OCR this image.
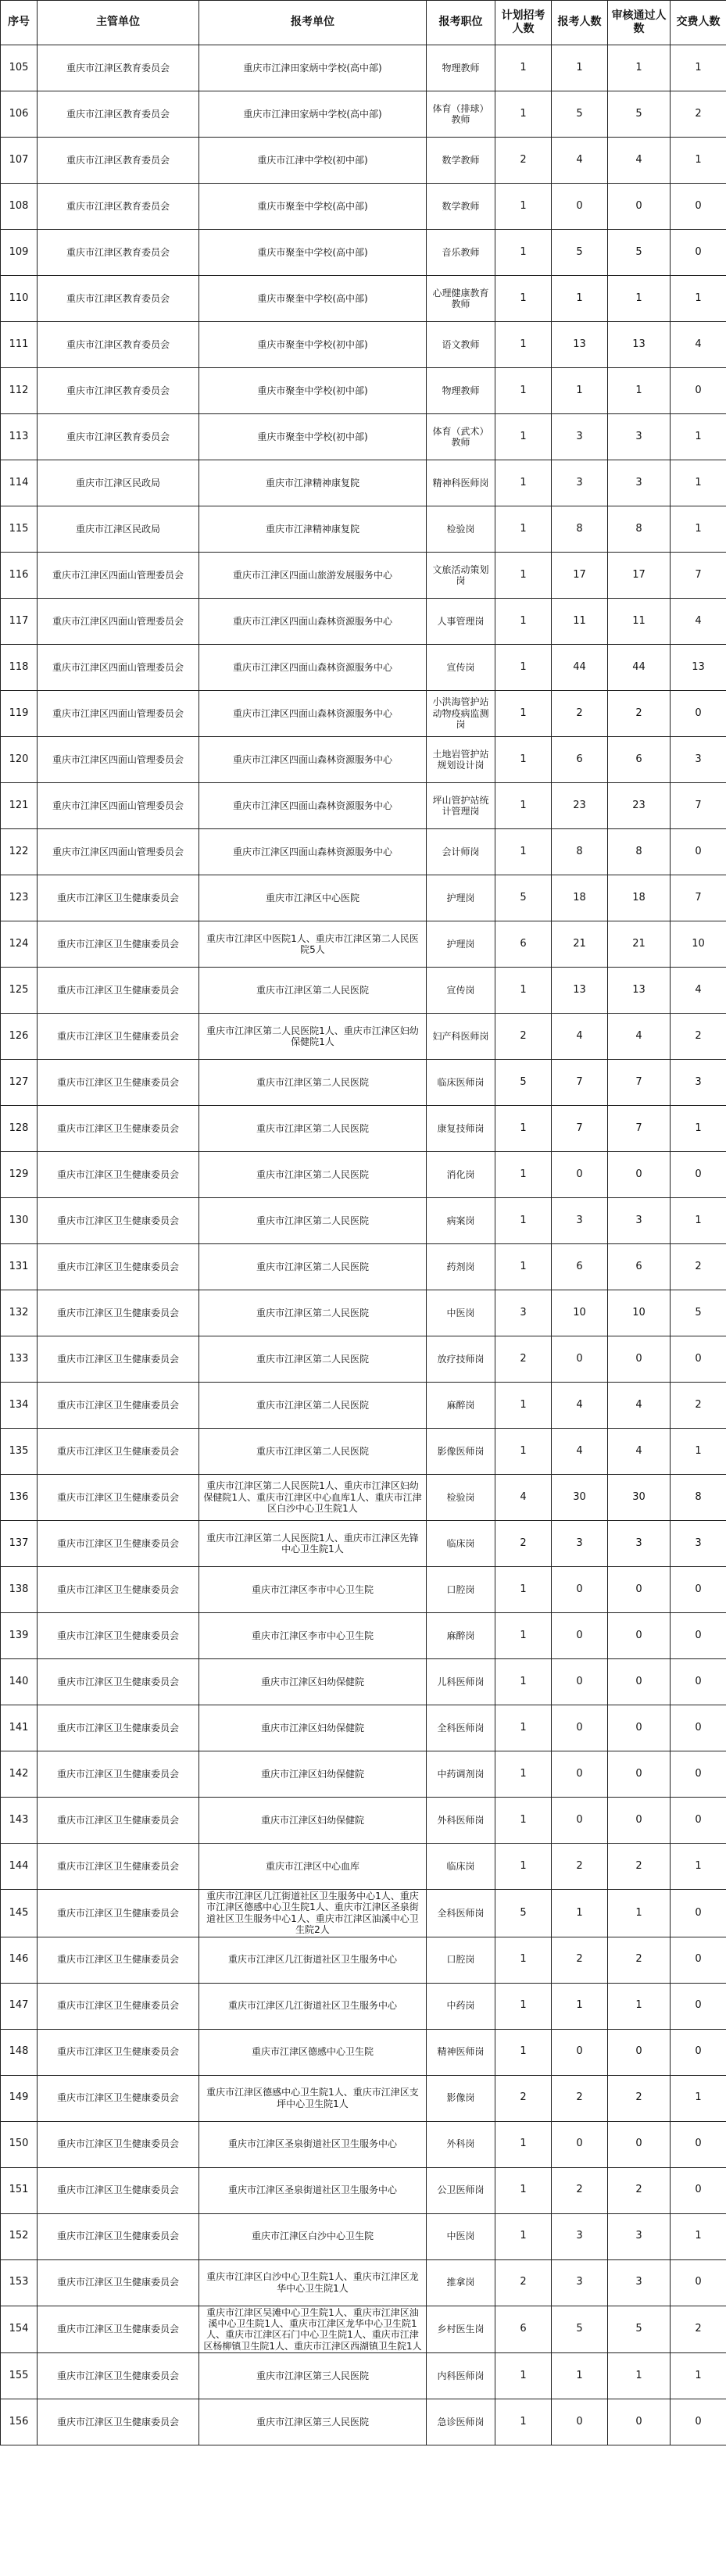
序号	主管单位	报考单位	报考职位	计划招考人数	报考人数	审核通过人数	交费人数
105	重庆市江津区教育委员会	重庆市江津田家炳中学校(高中部)	物理教师	1	1	1	1
106	重庆市江津区教育委员会	重庆市江津田家炳中学校(高中部)	体育（排球）教师	1	5	5	2
107	重庆市江津区教育委员会	重庆市江津中学校(初中部)	数学教师	2	4	4	1
108	重庆市江津区教育委员会	重庆市聚奎中学校(高中部)	数学教师	1	0	0	0
109	重庆市江津区教育委员会	重庆市聚奎中学校(高中部)	音乐教师	1	5	5	0
110	重庆市江津区教育委员会	重庆市聚奎中学校(高中部)	心理健康教育教师	1	1	1	1
111	重庆市江津区教育委员会	重庆市聚奎中学校(初中部)	语文教师	1	13	13	4
112	重庆市江津区教育委员会	重庆市聚奎中学校(初中部)	物理教师	1	1	1	0
113	重庆市江津区教育委员会	重庆市聚奎中学校(初中部)	体育（武术）教师	1	3	3	1
114	重庆市江津区民政局	重庆市江津精神康复院	精神科医师岗	1	3	3	1
115	重庆市江津区民政局	重庆市江津精神康复院	检验岗	1	8	8	1
116	重庆市江津区四面山管理委员会	重庆市江津区四面山旅游发展服务中心	文旅活动策划岗	1	17	17	7
117	重庆市江津区四面山管理委员会	重庆市江津区四面山森林资源服务中心	人事管理岗	1	11	11	4
118	重庆市江津区四面山管理委员会	重庆市江津区四面山森林资源服务中心	宣传岗	1	44	44	13
119	重庆市江津区四面山管理委员会	重庆市江津区四面山森林资源服务中心	小洪海管护站动物疫病监测岗	1	2	2	0
120	重庆市江津区四面山管理委员会	重庆市江津区四面山森林资源服务中心	土地岩管护站规划设计岗	1	6	6	3
121	重庆市江津区四面山管理委员会	重庆市江津区四面山森林资源服务中心	坪山管护站统计管理岗	1	23	23	7
122	重庆市江津区四面山管理委员会	重庆市江津区四面山森林资源服务中心	会计师岗	1	8	8	0
123	重庆市江津区卫生健康委员会	重庆市江津区中心医院	护理岗	5	18	18	7
124	重庆市江津区卫生健康委员会	重庆市江津区中医院1人、重庆市江津区第二人民医院5人	护理岗	6	21	21	10
125	重庆市江津区卫生健康委员会	重庆市江津区第二人民医院	宣传岗	1	13	13	4
126	重庆市江津区卫生健康委员会	重庆市江津区第二人民医院1人、重庆市江津区妇幼保健院1人	妇产科医师岗	2	4	4	2
127	重庆市江津区卫生健康委员会	重庆市江津区第二人民医院	临床医师岗	5	7	7	3
128	重庆市江津区卫生健康委员会	重庆市江津区第二人民医院	康复技师岗	1	7	7	1
129	重庆市江津区卫生健康委员会	重庆市江津区第二人民医院	消化岗	1	0	0	0
130	重庆市江津区卫生健康委员会	重庆市江津区第二人民医院	病案岗	1	3	3	1
131	重庆市江津区卫生健康委员会	重庆市江津区第二人民医院	药剂岗	1	6	6	2
132	重庆市江津区卫生健康委员会	重庆市江津区第二人民医院	中医岗	3	10	10	5
133	重庆市江津区卫生健康委员会	重庆市江津区第二人民医院	放疗技师岗	2	0	0	0
134	重庆市江津区卫生健康委员会	重庆市江津区第二人民医院	麻醉岗	1	4	4	2
135	重庆市江津区卫生健康委员会	重庆市江津区第二人民医院	影像医师岗	1	4	4	1
136	重庆市江津区卫生健康委员会	重庆市江津区第二人民医院1人、重庆市江津区妇幼保健院1人、重庆市江津区中心血库1人、重庆市江津区白沙中心卫生院1人	检验岗	4	30	30	8
137	重庆市江津区卫生健康委员会	重庆市江津区第二人民医院1人、重庆市江津区先锋中心卫生院1人	临床岗	2	3	3	3
138	重庆市江津区卫生健康委员会	重庆市江津区李市中心卫生院	口腔岗	1	0	0	0
139	重庆市江津区卫生健康委员会	重庆市江津区李市中心卫生院	麻醉岗	1	0	0	0
140	重庆市江津区卫生健康委员会	重庆市江津区妇幼保健院	儿科医师岗	1	0	0	0
141	重庆市江津区卫生健康委员会	重庆市江津区妇幼保健院	全科医师岗	1	0	0	0
142	重庆市江津区卫生健康委员会	重庆市江津区妇幼保健院	中药调剂岗	1	0	0	0
143	重庆市江津区卫生健康委员会	重庆市江津区妇幼保健院	外科医师岗	1	0	0	0
144	重庆市江津区卫生健康委员会	重庆市江津区中心血库	临床岗	1	2	2	1
145	重庆市江津区卫生健康委员会	重庆市江津区几江街道社区卫生服务中心1人、重庆市江津区德感中心卫生院1人、重庆市江津区圣泉街道社区卫生服务中心1人、重庆市江津区油溪中心卫生院2人	全科医师岗	5	1	1	0
146	重庆市江津区卫生健康委员会	重庆市江津区几江街道社区卫生服务中心	口腔岗	1	2	2	0
147	重庆市江津区卫生健康委员会	重庆市江津区几江街道社区卫生服务中心	中药岗	1	1	1	0
148	重庆市江津区卫生健康委员会	重庆市江津区德感中心卫生院	精神医师岗	1	0	0	0
149	重庆市江津区卫生健康委员会	重庆市江津区德感中心卫生院1人、重庆市江津区支坪中心卫生院1人	影像岗	2	2	2	1
150	重庆市江津区卫生健康委员会	重庆市江津区圣泉街道社区卫生服务中心	外科岗	1	0	0	0
151	重庆市江津区卫生健康委员会	重庆市江津区圣泉街道社区卫生服务中心	公卫医师岗	1	2	2	0
152	重庆市江津区卫生健康委员会	重庆市江津区白沙中心卫生院	中医岗	1	3	3	1
153	重庆市江津区卫生健康委员会	重庆市江津区白沙中心卫生院1人、重庆市江津区龙华中心卫生院1人	推拿岗	2	3	3	0
154	重庆市江津区卫生健康委员会	重庆市江津区吴滩中心卫生院1人、重庆市江津区油溪中心卫生院1人、重庆市江津区龙华中心卫生院1人、重庆市江津区石门中心卫生院1人、重庆市江津区杨柳镇卫生院1人、重庆市江津区西湖镇卫生院1人	乡村医生岗	6	5	5	2
155	重庆市江津区卫生健康委员会	重庆市江津区第三人民医院	内科医师岗	1	1	1	1
156	重庆市江津区卫生健康委员会	重庆市江津区第三人民医院	急诊医师岗	1	0	0	0
